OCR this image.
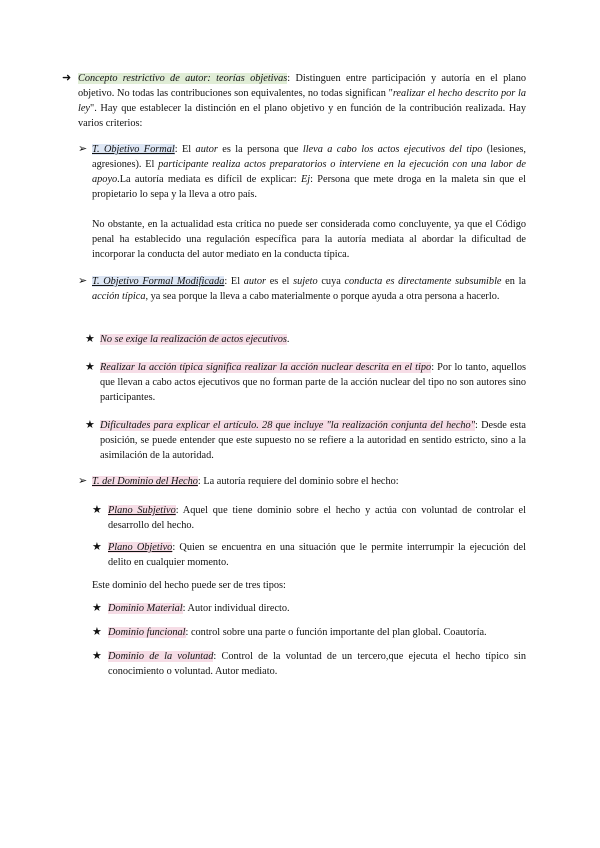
➜ Concepto restrictivo de autor: teorías objetivas: Distinguen entre participación y autoría en el plano objetivo. No todas las contribuciones son equivalentes, no todas significan "realizar el hecho descrito por la ley". Hay que establecer la distinción en el plano objetivo y en función de la contribución realizada. Hay varios criterios:
➢ T. Objetivo Formal: El autor es la persona que lleva a cabo los actos ejecutivos del tipo (lesiones, agresiones). El participante realiza actos preparatorios o interviene en la ejecución con una labor de apoyo.La autoría mediata es difícil de explicar: Ej: Persona que mete droga en la maleta sin que el propietario lo sepa y la lleva a otro país.
No obstante, en la actualidad esta crítica no puede ser considerada como concluyente, ya que el Código penal ha establecido una regulación específica para la autoría mediata al abordar la dificultad de incorporar la conducta del autor mediato en la conducta típica.
➢ T. Objetivo Formal Modificada: El autor es el sujeto cuya conducta es directamente subsumible en la acción típica, ya sea porque la lleva a cabo materialmente o porque ayuda a otra persona a hacerlo.
★ No se exige la realización de actos ejecutivos.
★ Realizar la acción típica significa realizar la acción nuclear descrita en el tipo: Por lo tanto, aquellos que llevan a cabo actos ejecutivos que no forman parte de la acción nuclear del tipo no son autores sino participantes.
★ Dificultades para explicar el artículo. 28 que incluye "la realización conjunta del hecho": Desde esta posición, se puede entender que este supuesto no se refiere a la autoridad en sentido estricto, sino a la asimilación de la autoridad.
➢ T. del Dominio del Hecho: La autoría requiere del dominio sobre el hecho:
★ Plano Subjetivo: Aquel que tiene dominio sobre el hecho y actúa con voluntad de controlar el desarrollo del hecho.
★ Plano Objetivo: Quien se encuentra en una situación que le permite interrumpir la ejecución del delito en cualquier momento.
Este dominio del hecho puede ser de tres tipos:
★ Dominio Material: Autor individual directo.
★ Dominio funcional: control sobre una parte o función importante del plan global. Coautoría.
★ Dominio de la voluntad: Control de la voluntad de un tercero,que ejecuta el hecho típico sin conocimiento o voluntad. Autor mediato.
